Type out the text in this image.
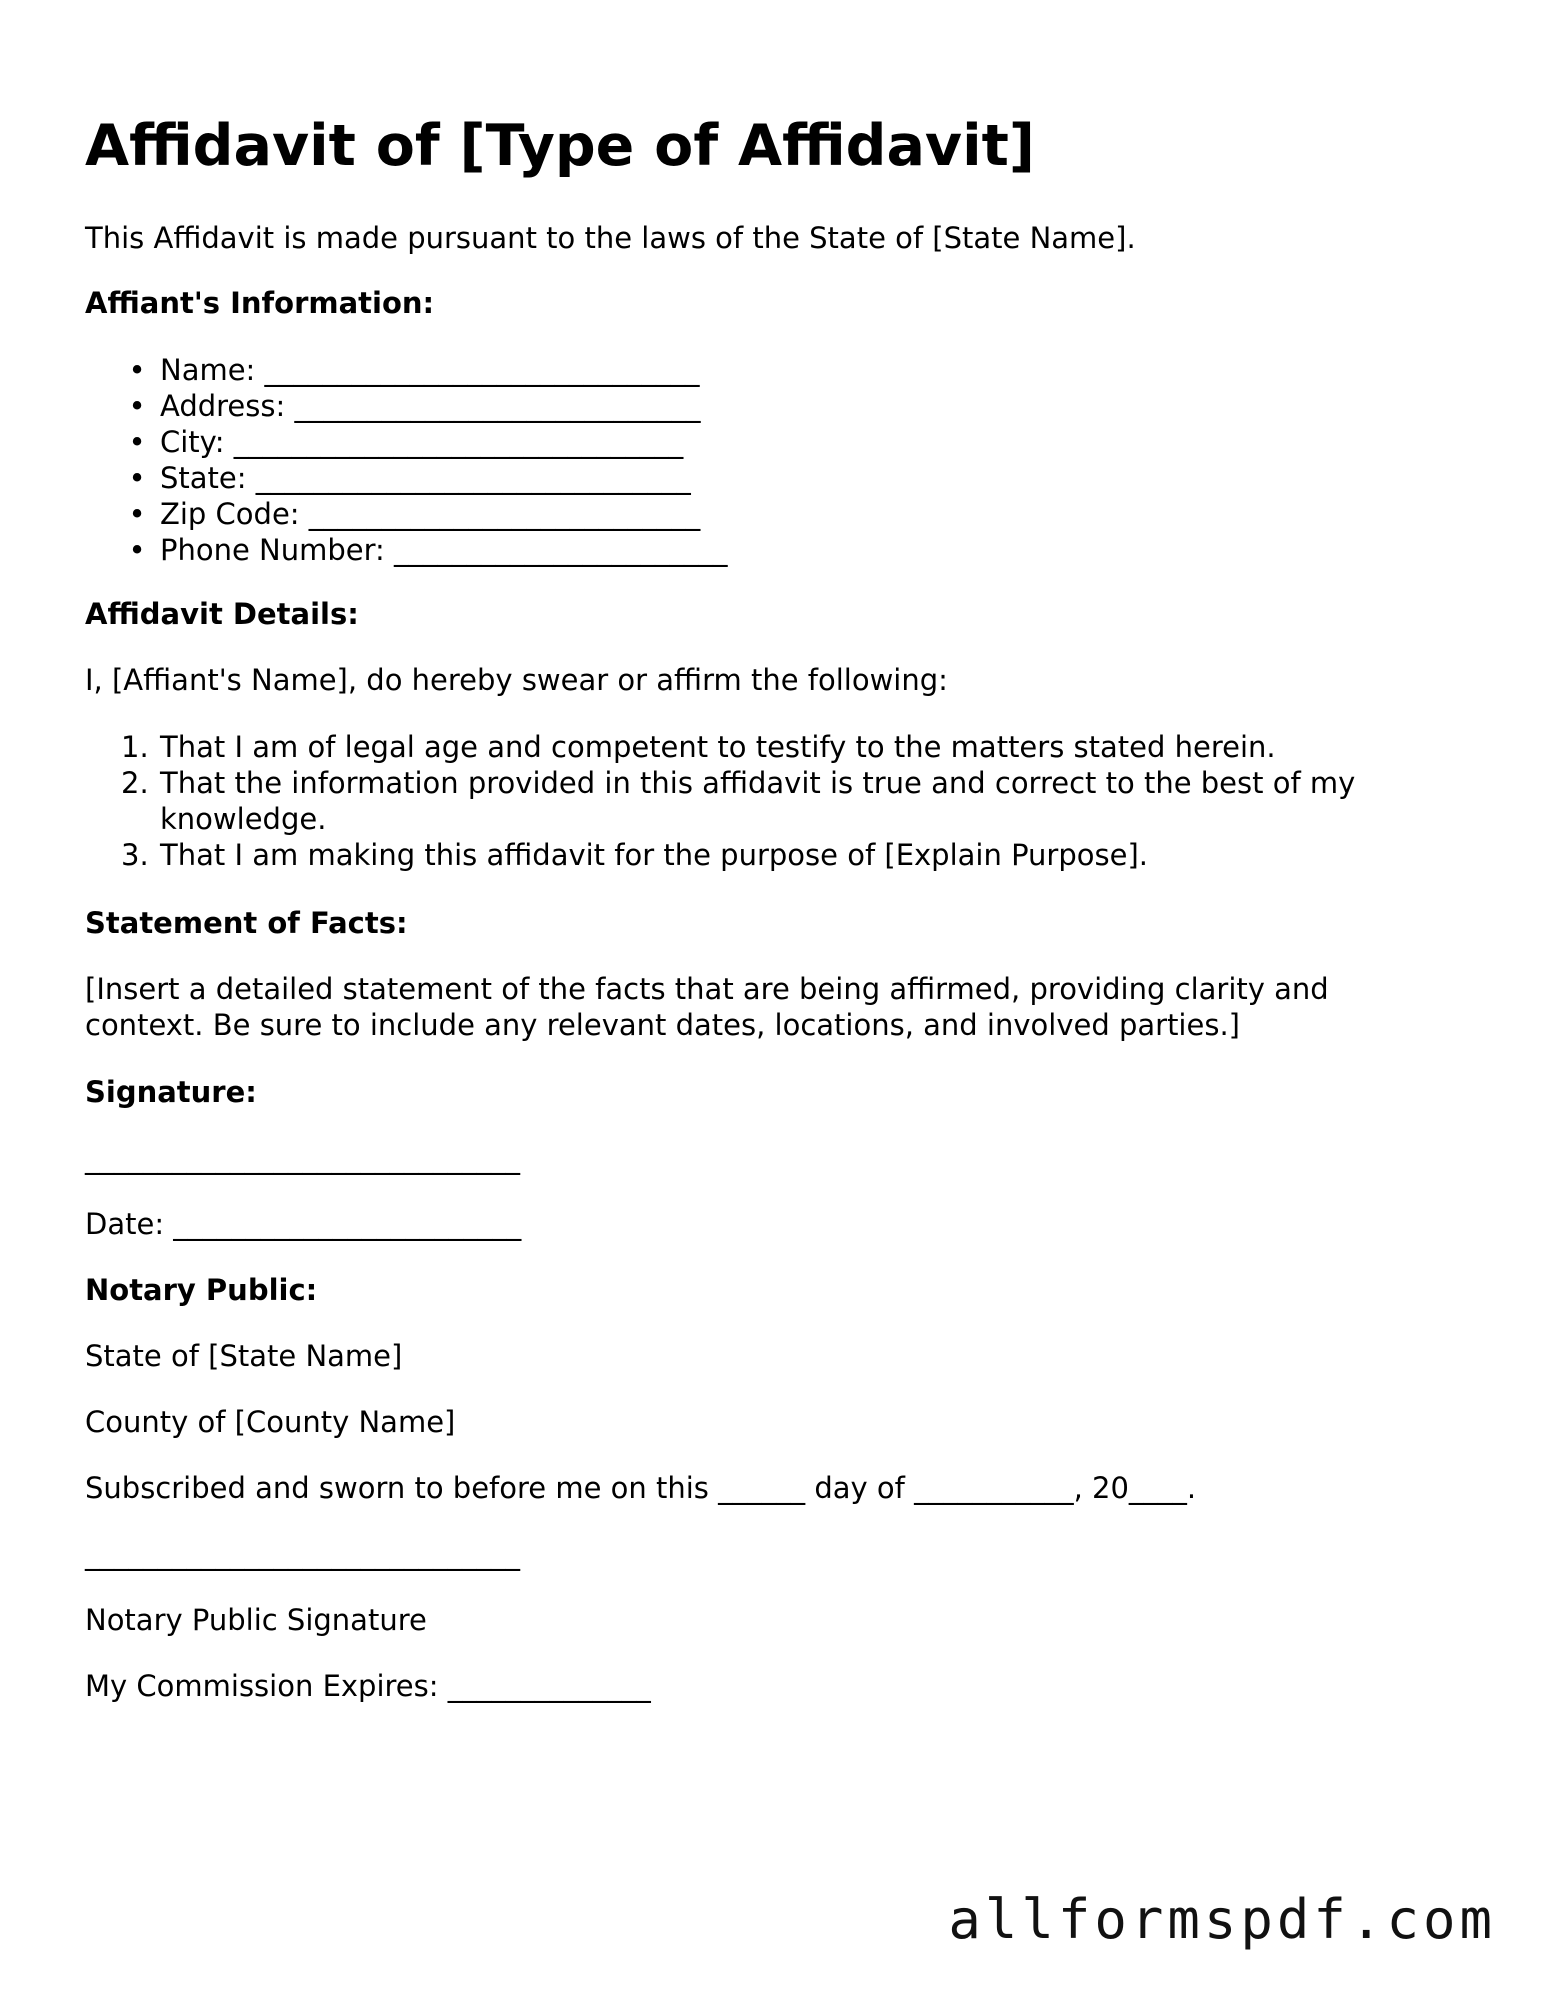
Affidavit of [Type of Affidavit]

This Affidavit is made pursuant to the laws of the State of [State Name].

Affiant's Information:

• Name: ______________________________
• Address: ____________________________
• City: _______________________________
• State: ______________________________
• Zip Code: ___________________________
• Phone Number: _______________________

Affidavit Details:

I, [Affiant's Name], do hereby swear or affirm the following:

1. That I am of legal age and competent to testify to the matters stated herein.
2. That the information provided in this affidavit is true and correct to the best of my knowledge.
3. That I am making this affidavit for the purpose of [Explain Purpose].

Statement of Facts:

[Insert a detailed statement of the facts that are being affirmed, providing clarity and context. Be sure to include any relevant dates, locations, and involved parties.]

Signature:

______________________________

Date: ________________________

Notary Public:

State of [State Name]

County of [County Name]

Subscribed and sworn to before me on this ______ day of ___________, 20____.

______________________________

Notary Public Signature

My Commission Expires: ______________

allformspdf.com
